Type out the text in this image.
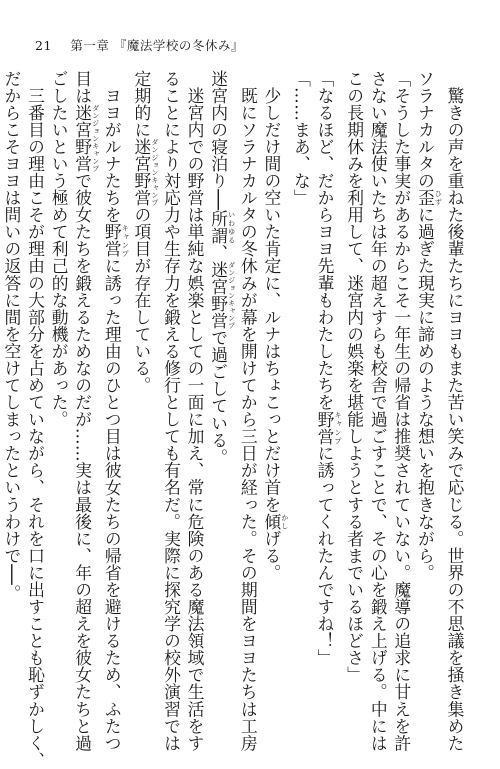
21 第一章 『魔法学校の冬休み』
　驚きの声を重ねた後輩たちにヨヨもまた苦い笑みで応じる。世界の不思議を掻き集めた
ソラナカルタの歪 ひずに過ぎた現実に諦めのような想いを抱きながら。
「そうした事実があるからこそ一年生の帰省は推奨されていない。魔導の追求に甘えを許
さない魔法使いたちは年の超えすらも校舎で過ごすことで、その心を鍛え上げる。中には
この長期休みを利用して、迷宮内の娯楽を堪能しようとする者までいるほどさ」
「なるほど、だからヨヨ先輩もわたしたちを野営 キャンプに誘ってくれたんですね！」
「……まあ、な」
　少しだけ間の空いた肯定に、ルナはちょこっとだけ首を傾 かしげる。
　既にソラナカルタの冬休みが幕を開けてから三日が経った。その期間をヨヨたちは工房
迷宮内の寝泊り──所謂 いわゆる、迷宮野営 ダンジョンキャンプで過ごしている。
　迷宮内での野営は単純な娯楽としての一面に加え、常に危険のある魔法領域で生活をす
ることにより対応力や生存力を鍛える修行としても有名だ。実際に探究学の校外演習では
定期的に迷宮野営 ダンジョンキャンプの項目が存在している。
　ヨヨがルナたちを野営 キャンプに誘った理由のひとつ目は彼女たちの帰省を避けるため、ふたつ
目は迷宮野営 ダンジョンキャンプで彼女たちを鍛えるためなのだが……実は最後に、年の超えを彼女たちと過
ごしたいという極めて利己的な動機があった。
　三番目の理由こそが理由の大部分を占めていながら、それを口に出すことも恥ずかしく、
だからこそヨヨは問いの返答に間を空けてしまったというわけで──。
